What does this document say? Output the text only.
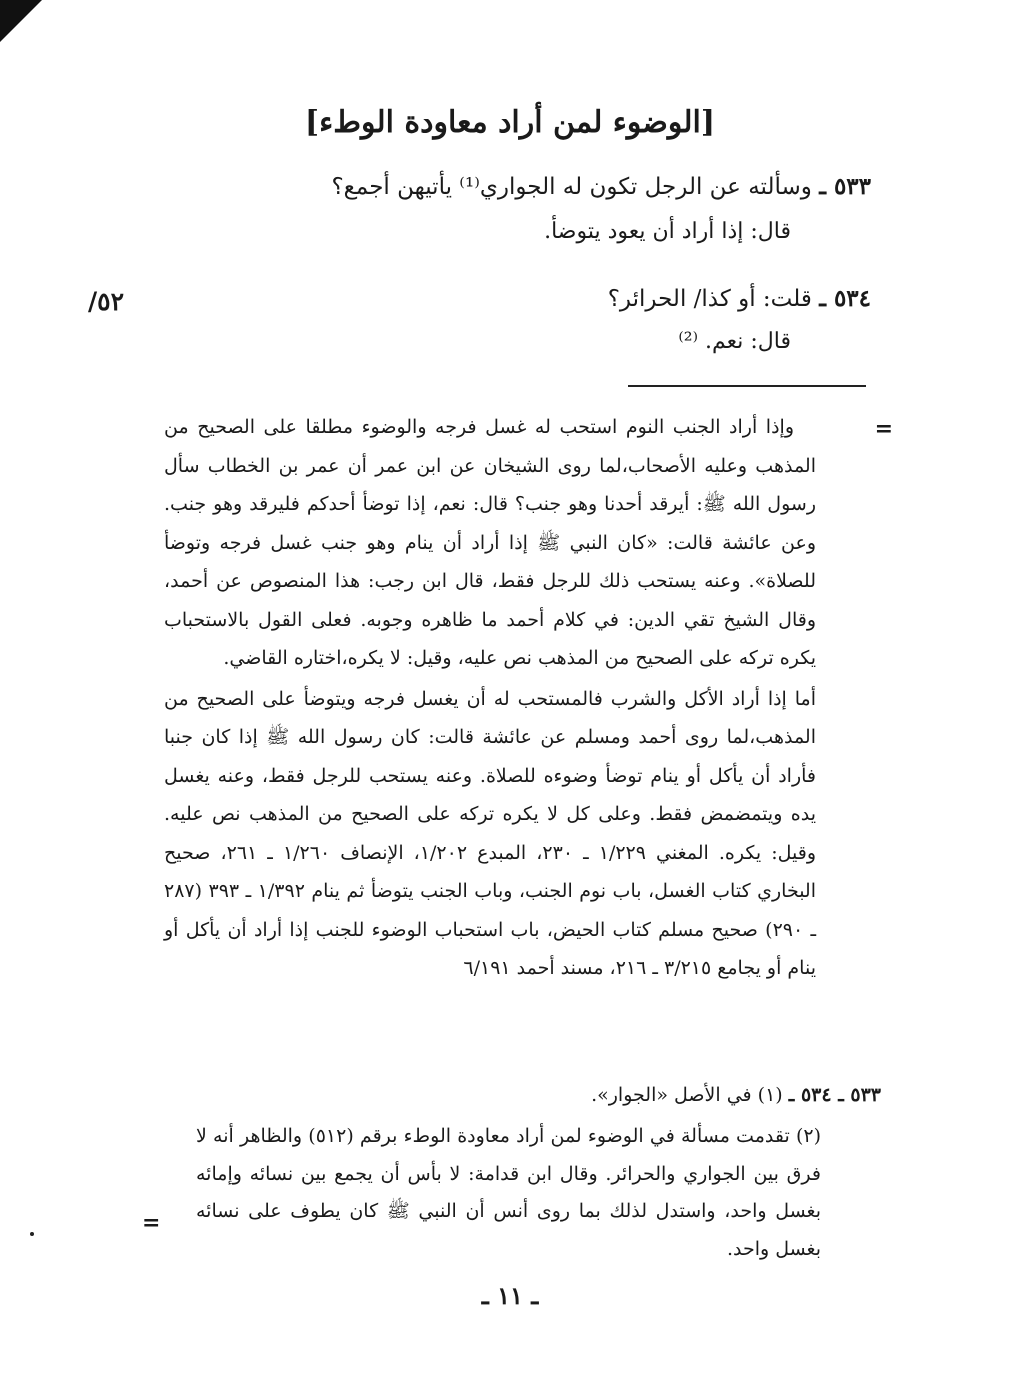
[الوضوء لمن أراد معاودة الوطء]
٥٣٣ ـ وسألته عن الرجل تكون له الجواري⁽¹⁾ يأتيهن أجمع؟
قال: إذا أراد أن يعود يتوضأ.
٥٣٤ ـ قلت: أو كذا/ الحرائر؟
قال: نعم. ⁽²⁾
٥٢/
=

وإذا أراد الجنب النوم استحب له غسل فرجه والوضوء مطلقا على الصحيح من المذهب وعليه الأصحاب،لما روى الشيخان عن ابن عمر أن عمر بن الخطاب سأل رسول الله ﷺ: أيرقد أحدنا وهو جنب؟ قال: نعم، إذا توضأ أحدكم فليرقد وهو جنب. وعن عائشة قالت: «كان النبي ﷺ إذا أراد أن ينام وهو جنب غسل فرجه وتوضأ للصلاة». وعنه يستحب ذلك للرجل فقط، قال ابن رجب: هذا المنصوص عن أحمد، وقال الشيخ تقي الدين: في كلام أحمد ما ظاهره وجوبه. فعلى القول بالاستحباب يكره تركه على الصحيح من المذهب نص عليه، وقيل: لا يكره،اختاره القاضي.

أما إذا أراد الأكل والشرب فالمستحب له أن يغسل فرجه ويتوضأ على الصحيح من المذهب،لما روى أحمد ومسلم عن عائشة قالت: كان رسول الله ﷺ إذا كان جنبا فأراد أن يأكل أو ينام توضأ وضوءه للصلاة. وعنه يستحب للرجل فقط، وعنه يغسل يده ويتمضمض فقط. وعلى كل لا يكره تركه على الصحيح من المذهب نص عليه. وقيل: يكره. المغني ١/٢٢٩ ـ ٢٣٠، المبدع ١/٢٠٢، الإنصاف ١/٢٦٠ ـ ٢٦١، صحيح البخاري كتاب الغسل، باب نوم الجنب، وباب الجنب يتوضأ ثم ينام ١/٣٩٢ ـ ٣٩٣ (٢٨٧ ـ ٢٩٠) صحيح مسلم كتاب الحيض، باب استحباب الوضوء للجنب إذا أراد أن يأكل أو ينام أو يجامع ٣/٢١٥ ـ ٢١٦، مسند أحمد ٦/١٩١

٥٣٣ ـ ٥٣٤ ـ (١) في الأصل «الجوار».
(٢) تقدمت مسألة في الوضوء لمن أراد معاودة الوطء برقم (٥١٢) والظاهر أنه لا فرق بين الجواري والحرائر. وقال ابن قدامة: لا بأس أن يجمع بين نسائه وإمائه بغسل واحد، واستدل لذلك بما روى أنس أن النبي ﷺ كان يطوف على نسائه بغسل واحد.
=
ـ ١١ ـ
